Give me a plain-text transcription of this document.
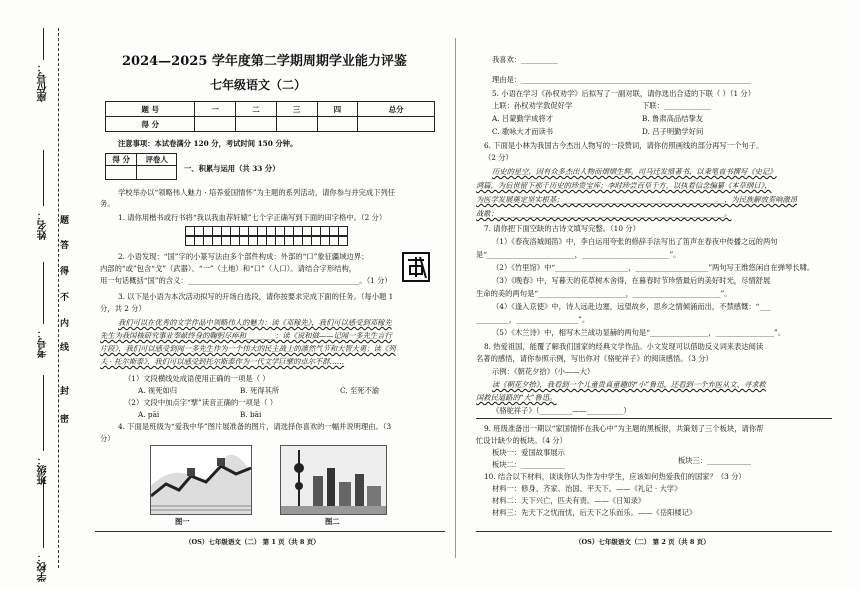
座位号：
姓名：
考号：
班级：
学校：
题
答
得
不
内
线
封
密
2024—2025 学年度第二学期周期学业能力评鉴
七年级语文（二）
题 号	一	二	三	四	总分
得 分					
注意事项：本试卷满分 120 分，考试时间 150 分钟。
得 分	评卷人

一、积累与运用（共 33 分）
学校举办以“领略伟人魅力 · 培养爱国情怀”为主题的系列活动，请你参与并完成下列任
务。
1. 请你用楷书或行书将“我以我血荐轩辕”七个字正确写到下面的田字格中。（2 分）
2. 小语发现：“国”字的小篆写法由多个部件构成：外部的“口”象征疆域边界；
内部的“或”包含“戈”（武器）、“一”（土地）和“口”（人口）。请结合字形结构，
用一句话概括“国”的含义：_______________________________________________。（1 分）
3. 以下是小语为本次活动拟写的开场白选段，请你按要求完成下面的任务。（每小题 1
分，共 2 分）
我们可以在优秀的文学作品中领略伟人的魅力：读《邓稼先》，我们可以感受到邓稼先
先生为我国核研究事业奉献终身的鞠躬尽瘁和________；读《说和做——记闻一多先生言行
片段》，我们可以感受到闻一多先生作为一个伟大的民主战士的凛然气节和大智大勇；读《列
夫 · 托尔斯泰》，我们可以感受到托尔斯泰作为一代文学巨擘的卓尔不群……
（1）文段横线处成语使用正确的一项是（ ）
A. 视死如归	B. 死得其所	C. 至死不渝
（2）文段中加点字“擘”读音正确的一项是（ ）
A. pāi	B. bāi
4. 下面是班级为“爱我中华”图片展准备的图片，请选择你喜欢的一幅并说明理由。（3
分）
图一	图二
（OS）七年级语文（二） 第 1 页（共 8 页）
我喜欢：__________
理由是：_______________________________________________________________
5. 小语在学习《孙权劝学》后拟写了一副对联，请你选出合适的下联（ ）（1 分）
上联：孙权劝学敦促好学	下联：_____________
A. 吕蒙勤学成将才	B. 鲁肃高品结挚友
C. 歌咏大才而读书	D. 吕子明勤学好问
6. 下面是小林为我国古今杰出人物写的一段赞词，请你仿照画线的部分再写一个句子。
（2 分）
历史的星空，因有众多杰出人物而熠熠生辉。司马迁发愤著书，以秉笔直书撰写《史记》
鸿篇，为后世留下那千历史的珍贵宝库；李时珍尝百草千方，以执着信念编纂《本草纲目》，
为医学发展奠定坚实根基；____________________________________________，为民族解放奏响激昂
战歌；______________________________________________________________。
7. 请你把下面空缺的古诗文填写完整。（10 分）
（1）《春夜洛城闻笛》中，李白运用夸张的修辞手法写出了笛声在春夜中传播之远的两句
是“________________________，________________________”。
（2）《竹里馆》中“____________________，____________________”两句写王维悠闲自在弹琴长啸。
（3）《晚春》中，写暮天的花草树木舍得，在暮春时节珍惜最后的美好时光，尽情舒展
生命的美的两句是“________________________，________________________”。
（4）《逢入京使》中，诗人远赴边塞，远望故乡，思乡之情倾涌而出，不禁感慨：“___
_________，_________________”。
（5）《木兰诗》中，相写木兰战功显赫的两句是“________________，________________”。
8. 热爱祖国，能覆了解我们国家的经典文学作品。小文发现可以借助反义词来表达阅读
名著的感悟，请你参照示例，写出你对《骆驼祥子》的阅读感悟。（3 分）
示例：《朝花夕拾》（小——大）
读《朝花夕拾》，我看到一个儿童贵真童趣的“小”鲁迅，还看到一个弃医从文、寻求救
国救民道路的“大”鲁迅。
《骆驼祥子》（_________——__________）
9. 班级准备出一期以“家国情怀在我心中”为主题的黑板报，共策划了三个板块，请你帮
忙设计缺少的板块。（4 分）
板块一：爱国故事展示
板块二：____________	板块三：____________
10. 结合以下材料，谈谈你认为作为中学生，应该如何热爱我们的国家？（3 分）
材料一：修身、齐家、治国、平天下。——《礼记 · 大学》
材料二：天下兴亡，匹夫有责。——《日知录》
材料三：先天下之忧而忧，后天下之乐而乐。——《岳阳楼记》
（OS）七年级语文（二） 第 2 页（共 8 页）
